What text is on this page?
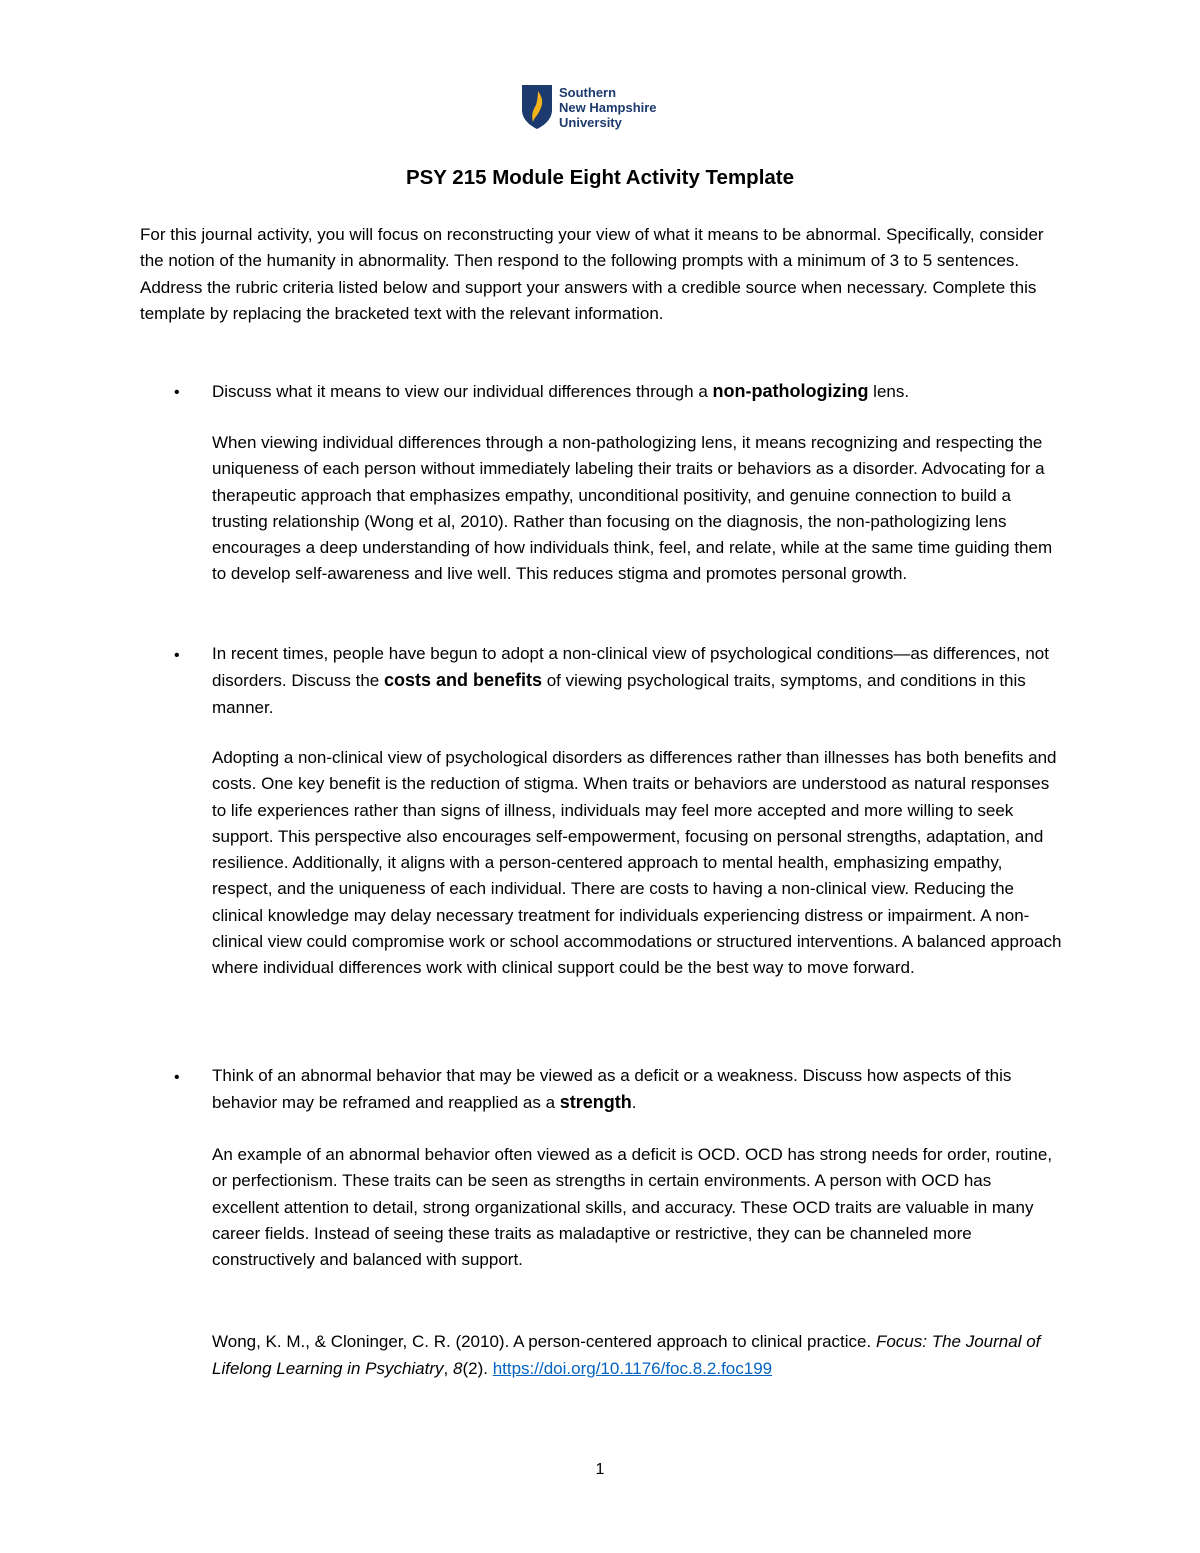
Southern
New Hampshire
University
PSY 215 Module Eight Activity Template
For this journal activity, you will focus on reconstructing your view of what it means to be abnormal. Specifically, consider the notion of the humanity in abnormality. Then respond to the following prompts with a minimum of 3 to 5 sentences. Address the rubric criteria listed below and support your answers with a credible source when necessary. Complete this template by replacing the bracketed text with the relevant information.
• Discuss what it means to view our individual differences through a non-pathologizing lens.
When viewing individual differences through a non-pathologizing lens, it means recognizing and respecting the uniqueness of each person without immediately labeling their traits or behaviors as a disorder. Advocating for a therapeutic approach that emphasizes empathy, unconditional positivity, and genuine connection to build a trusting relationship (Wong et al, 2010). Rather than focusing on the diagnosis, the non-pathologizing lens encourages a deep understanding of how individuals think, feel, and relate, while at the same time guiding them to develop self-awareness and live well. This reduces stigma and promotes personal growth.
• In recent times, people have begun to adopt a non-clinical view of psychological conditions—as differences, not disorders. Discuss the costs and benefits of viewing psychological traits, symptoms, and conditions in this manner.
Adopting a non-clinical view of psychological disorders as differences rather than illnesses has both benefits and costs. One key benefit is the reduction of stigma. When traits or behaviors are understood as natural responses to life experiences rather than signs of illness, individuals may feel more accepted and more willing to seek support. This perspective also encourages self-empowerment, focusing on personal strengths, adaptation, and resilience. Additionally, it aligns with a person-centered approach to mental health, emphasizing empathy, respect, and the uniqueness of each individual. There are costs to having a non-clinical view. Reducing the clinical knowledge may delay necessary treatment for individuals experiencing distress or impairment. A non-clinical view could compromise work or school accommodations or structured interventions. A balanced approach where individual differences work with clinical support could be the best way to move forward.
• Think of an abnormal behavior that may be viewed as a deficit or a weakness. Discuss how aspects of this behavior may be reframed and reapplied as a strength.
An example of an abnormal behavior often viewed as a deficit is OCD. OCD has strong needs for order, routine, or perfectionism. These traits can be seen as strengths in certain environments. A person with OCD has excellent attention to detail, strong organizational skills, and accuracy. These OCD traits are valuable in many career fields. Instead of seeing these traits as maladaptive or restrictive, they can be channeled more constructively and balanced with support.
Wong, K. M., & Cloninger, C. R. (2010). A person-centered approach to clinical practice. Focus: The Journal of Lifelong Learning in Psychiatry, 8(2). https://doi.org/10.1176/foc.8.2.foc199
1
